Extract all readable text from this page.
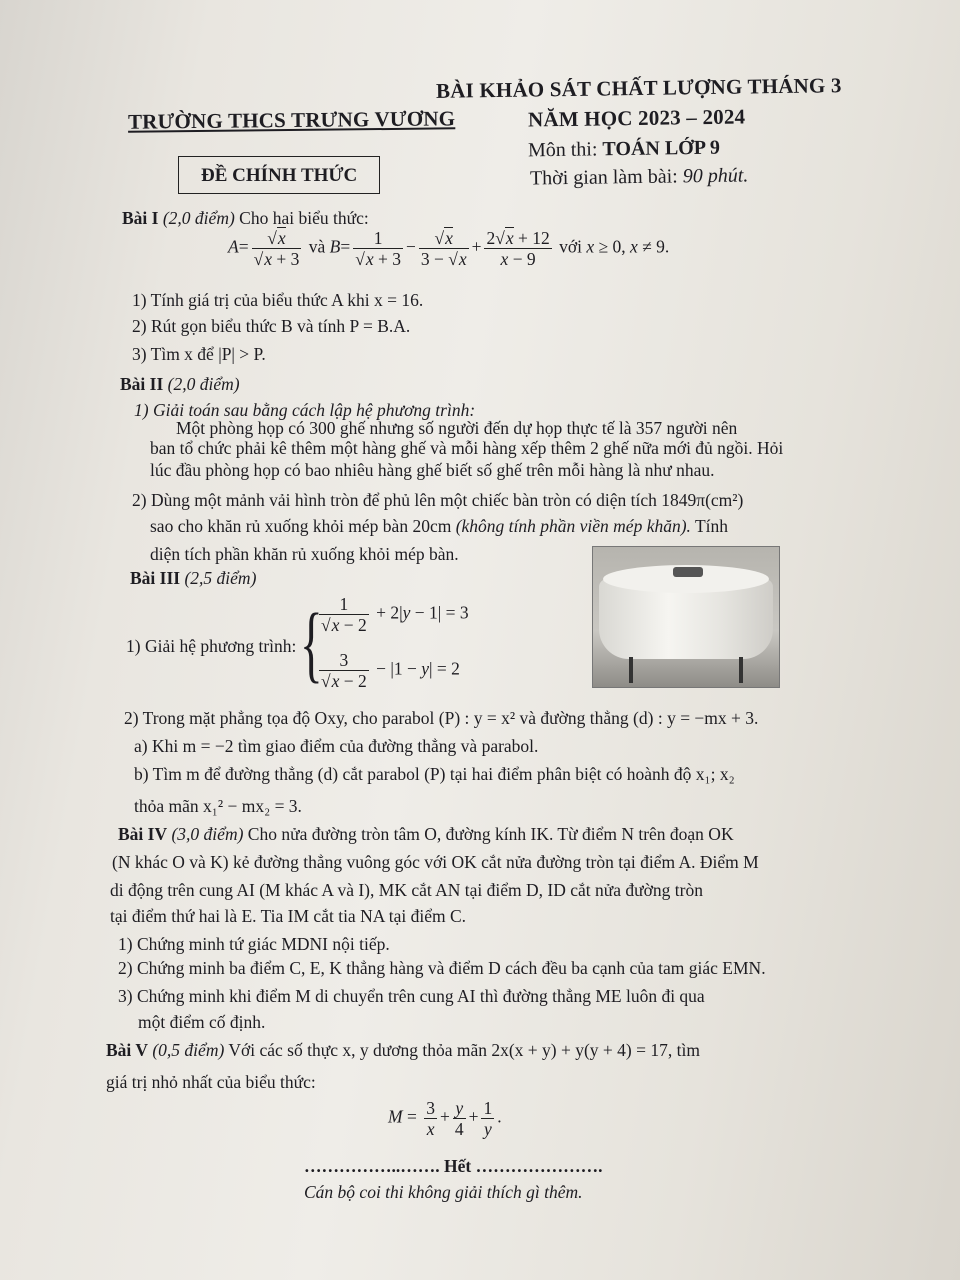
TRƯỜNG THCS TRƯNG VƯƠNG
BÀI KHẢO SÁT CHẤT LƯỢNG THÁNG 3
NĂM HỌC 2023 – 2024
Môn thi: TOÁN LỚP 9
Thời gian làm bài: 90 phút.
ĐỀ CHÍNH THỨC
Bài I (2,0 điểm) Cho hai biểu thức:
$A= \frac{√x}{√x + 3}$ và $B= \frac{1}{√x + 3} - \frac{√x}{3 - √x} + \frac{2√x + 12}{x - 9}$ với x ≥ 0, x ≠ 9.
1) Tính giá trị của biểu thức A khi x = 16.
2) Rút gọn biểu thức B và tính P = B.A.
3) Tìm x để |P| > P.
Bài II (2,0 điểm)
1) Giải toán sau bằng cách lập hệ phương trình:
Một phòng họp có 300 ghế nhưng số người đến dự họp thực tế là 357 người nên
ban tổ chức phải kê thêm một hàng ghế và mỗi hàng xếp thêm 2 ghế nữa mới đủ ngồi. Hỏi
lúc đầu phòng họp có bao nhiêu hàng ghế biết số ghế trên mỗi hàng là như nhau.
2) Dùng một mảnh vải hình tròn để phủ lên một chiếc bàn tròn có diện tích 1849π(cm²)
sao cho khăn rủ xuống khỏi mép bàn 20cm (không tính phần viền mép khăn). Tính
diện tích phần khăn rủ xuống khỏi mép bàn.
Bài III (2,5 điểm)
1) Giải hệ phương trình: {
$\frac{1}{√x - 2} + 2|y - 1| = 3$
$\frac{3}{√x - 2} - |1 - y| = 2$
2) Trong mặt phẳng tọa độ Oxy, cho parabol (P) : y = x² và đường thẳng (d) : y = −mx + 3.
a) Khi m = −2 tìm giao điểm của đường thẳng và parabol.
b) Tìm m để đường thẳng (d) cắt parabol (P) tại hai điểm phân biệt có hoành độ x₁; x₂
thỏa mãn x₁² − mx₂ = 3.
Bài IV (3,0 điểm) Cho nửa đường tròn tâm O, đường kính IK. Từ điểm N trên đoạn OK
(N khác O và K) kẻ đường thẳng vuông góc với OK cắt nửa đường tròn tại điểm A. Điểm M
di động trên cung AI (M khác A và I), MK cắt AN tại điểm D, ID cắt nửa đường tròn
tại điểm thứ hai là E. Tia IM cắt tia NA tại điểm C.
1) Chứng minh tứ giác MDNI nội tiếp.
2) Chứng minh ba điểm C, E, K thẳng hàng và điểm D cách đều ba cạnh của tam giác EMN.
3) Chứng minh khi điểm M di chuyển trên cung AI thì đường thẳng ME luôn đi qua
một điểm cố định.
Bài V (0,5 điểm) Với các số thực x, y dương thỏa mãn 2x(x + y) + y(y + 4) = 17, tìm
giá trị nhỏ nhất của biểu thức:
$M = \frac{3}{x} + \frac{y}{4} + \frac{1}{y}$ .
……………..……. Hết ………………….
Cán bộ coi thi không giải thích gì thêm.
